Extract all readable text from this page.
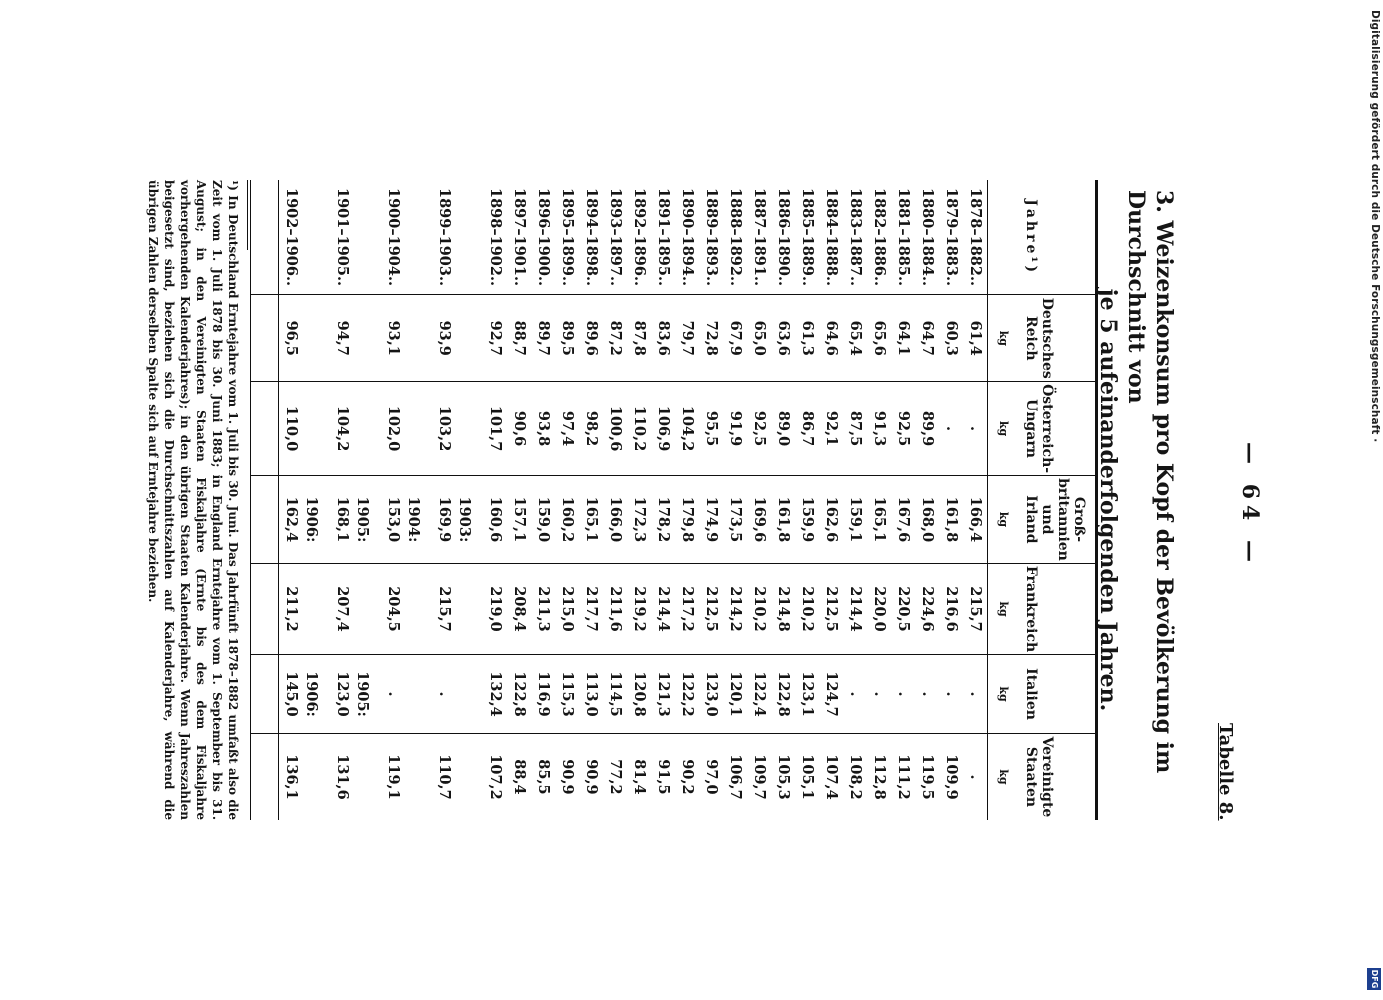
Digitalisierung gefördert durch die Deutsche Forschungsgemeinschaft ·
DFG
— 64 —
Tabelle 8.
3. Weizenkonsum pro Kopf der Bevölkerung im Durchschnitt von
je 5 aufeinanderfolgenden Jahren.
Jahre¹)	Deutsches Reich	Österreich-Ungarn	Groß-britannien und Irland	Frankreich	Italien	Vereinigte Staaten
	kg	kg	kg	kg	kg	kg
1878–1882..	61,4	.	166,4	215,7	.	.
1879–1883..	60,3	.	161,8	216,6	.	109,9
1880–1884..	64,7	89,9	168,0	224,6	.	119,5
1881–1885..	64,1	92,5	167,6	220,5	.	111,2
1882–1886..	65,6	91,3	165,1	220,0	.	112,8
1883–1887..	65,4	87,5	159,1	214,4	.	108,2
1884–1888..	64,6	92,1	162,6	212,5	124,7	107,4
1885–1889..	61,3	86,7	159,9	210,2	123,1	105,1
1886–1890..	63,6	89,0	161,8	214,8	122,8	105,3
1887–1891..	65,0	92,5	169,6	210,2	122,4	109,7
1888–1892..	67,9	91,9	173,5	214,2	120,1	106,7
1889–1893..	72,8	95,5	174,9	212,5	123,0	97,0
1890–1894..	79,7	104,2	179,8	217,2	122,2	90,2
1891–1895..	83,6	106,9	178,2	214,4	121,3	91,5
1892–1896..	87,8	110,2	172,3	219,2	120,8	81,4
1893–1897..	87,2	100,6	166,0	211,6	114,5	77,2
1894–1898..	89,6	98,2	165,1	217,7	113,0	90,9
1895–1899..	89,5	97,4	160,2	215,0	115,3	90,9
1896–1900..	89,7	93,8	159,0	211,3	116,9	85,5
1897–1901..	88,7	90,6	157,1	208,4	122,8	88,4
1898–1902..	92,7	101,7	160,6	219,0	132,4	107,2
			1903:			
1899–1903..	93,9	103,2	169,9	215,7	.	110,7
			1904:			
1900–1904..	93,1	102,0	153,0	204,5	.	119,1
			1905:		1905:	
1901–1905..	94,7	104,2	168,1	207,4	123,0	131,6
			1906:		1906:	
1902–1906..	96,5	110,0	162,4	211,2	145,0	136,1

¹) In Deutschland Erntejahre vom 1. Juli bis 30. Juni. Das Jahrfünft 1878–1882 umfaßt also die Zeit vom 1. Juli 1878 bis 30. Juni 1883; in England Erntejahre vom 1. September bis 31. August; in den Vereinigten Staaten Fiskaljahre (Ernte bis des dem Fiskaljahre vorhergehenden Kalenderjahres); in den übrigen Staaten Kalenderjahre. Wenn Jahreszahlen beigesetzt sind, beziehen sich die Durchschnittszahlen auf Kalenderjahre, während die übrigen Zahlen derselben Spalte sich auf Erntejahre beziehen.
